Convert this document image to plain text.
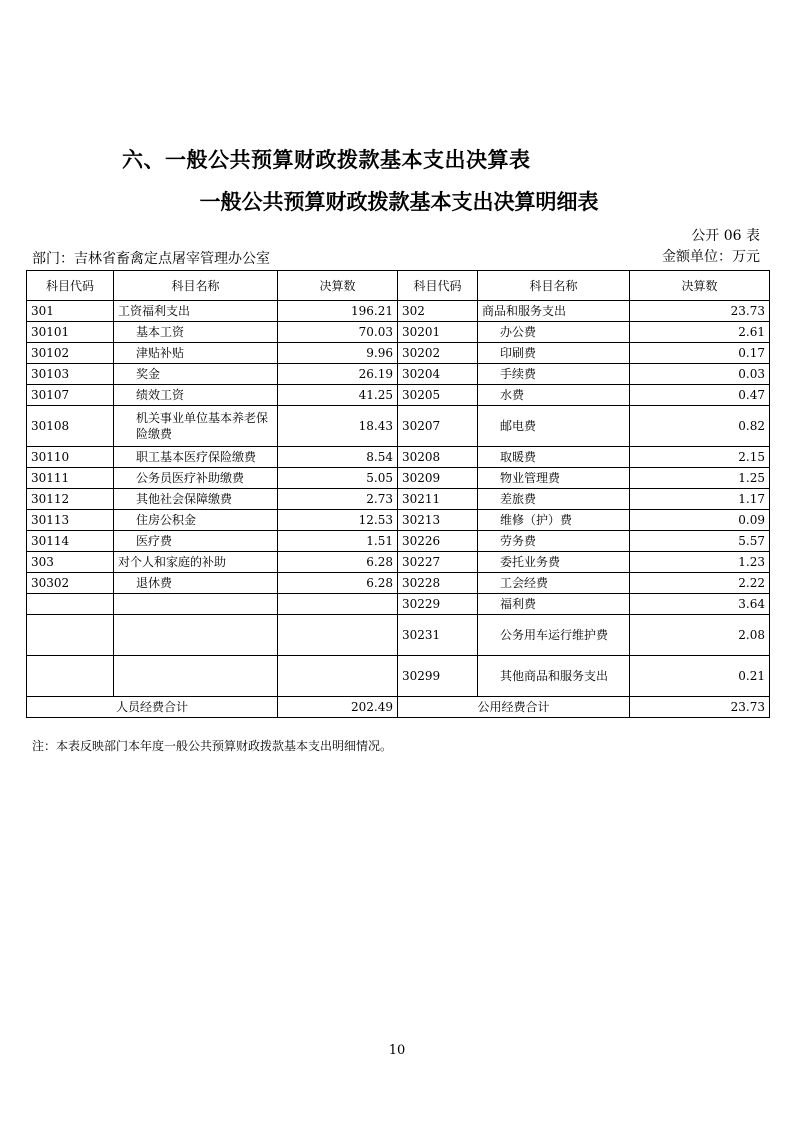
六、一般公共预算财政拨款基本支出决算表
一般公共预算财政拨款基本支出决算明细表
公开 06 表
部门：吉林省畜禽定点屠宰管理办公室	金额单位：万元
科目代码	科目名称	决算数	科目代码	科目名称	决算数
301	工资福利支出	196.21	302	商品和服务支出	23.73
30101	基本工资	70.03	30201	办公费	2.61
30102	津贴补贴	9.96	30202	印刷费	0.17
30103	奖金	26.19	30204	手续费	0.03
30107	绩效工资	41.25	30205	水费	0.47
30108	机关事业单位基本养老保险缴费	18.43	30207	邮电费	0.82
30110	职工基本医疗保险缴费	8.54	30208	取暖费	2.15
30111	公务员医疗补助缴费	5.05	30209	物业管理费	1.25
30112	其他社会保障缴费	2.73	30211	差旅费	1.17
30113	住房公积金	12.53	30213	维修（护）费	0.09
30114	医疗费	1.51	30226	劳务费	5.57
303	对个人和家庭的补助	6.28	30227	委托业务费	1.23
30302	退休费	6.28	30228	工会经费	2.22
			30229	福利费	3.64
			30231	公务用车运行维护费	2.08
			30299	其他商品和服务支出	0.21
人员经费合计		202.49	公用经费合计		23.73
注：本表反映部门本年度一般公共预算财政拨款基本支出明细情况。
10
